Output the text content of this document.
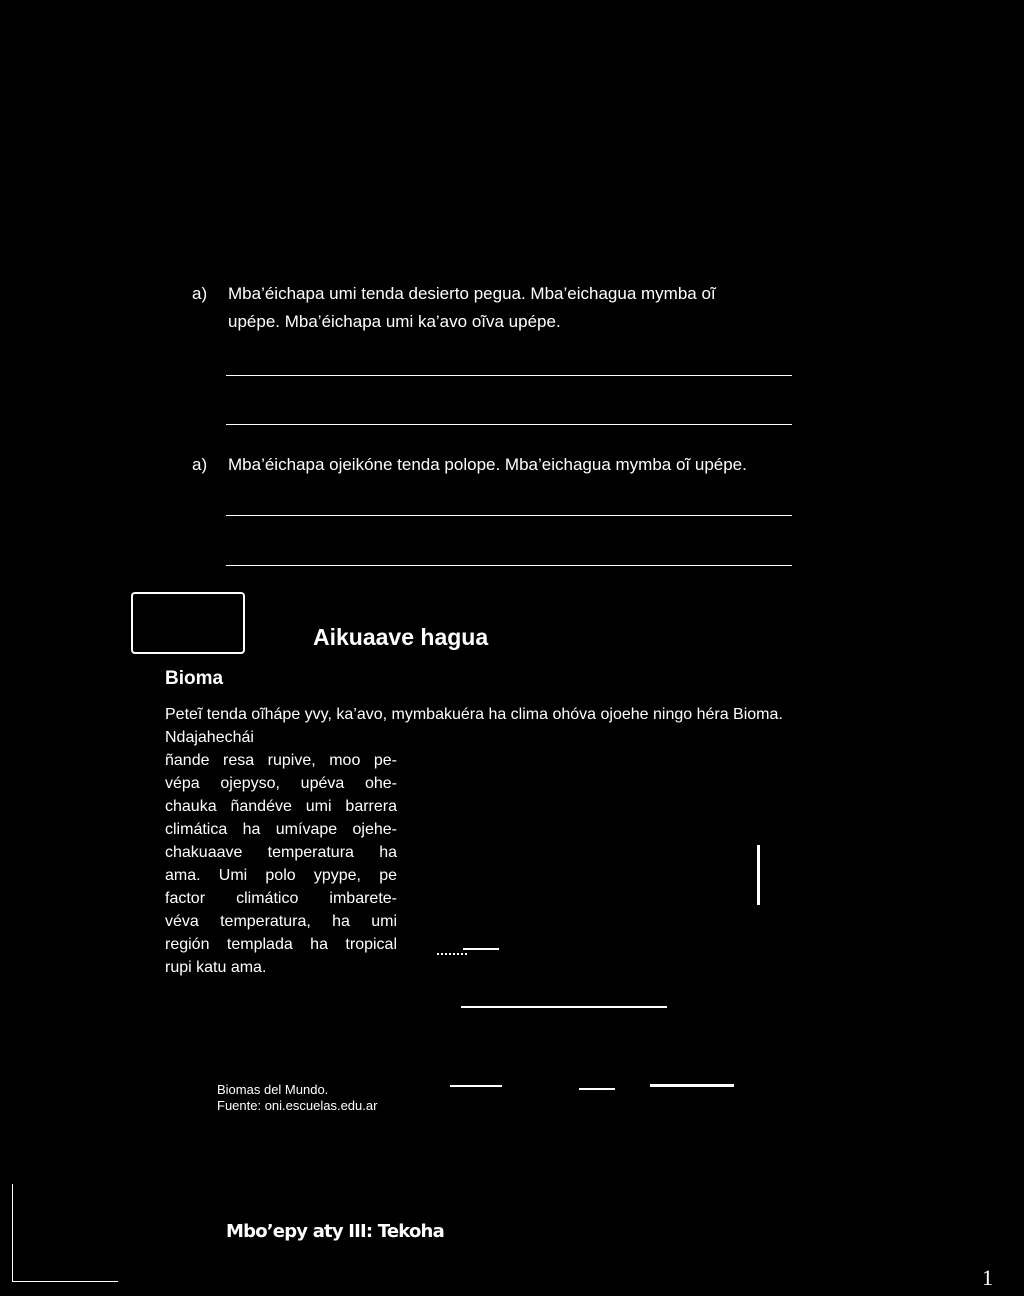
a) Mba’éichapa umi tenda desierto pegua. Mba’eichagua mymba oĩ
upépe. Mba’éichapa umi ka’avo oĩva upépe.
a) Mba’éichapa ojeikóne tenda polope. Mba’eichagua mymba oĩ upépe.
Aikuaave hagua
Bioma
Peteĩ tenda oĩhápe yvy, ka’avo, mymbakuéra ha clima ohóva ojoehe ningo héra Bioma.
Ndajahechái
ñande resa rupive, moo pe-
vépa ojepyso, upéva ohe-
chauka ñandéve umi barrera
climática ha umívape ojehe-
chakuaave temperatura ha
ama. Umi polo ypype, pe
factor climático imbarete-
véva temperatura, ha umi
región templada ha tropical
rupi katu ama.
Biomas del Mundo.
Fuente: oni.escuelas.edu.ar
Mbo’epy aty III: Tekoha
1
